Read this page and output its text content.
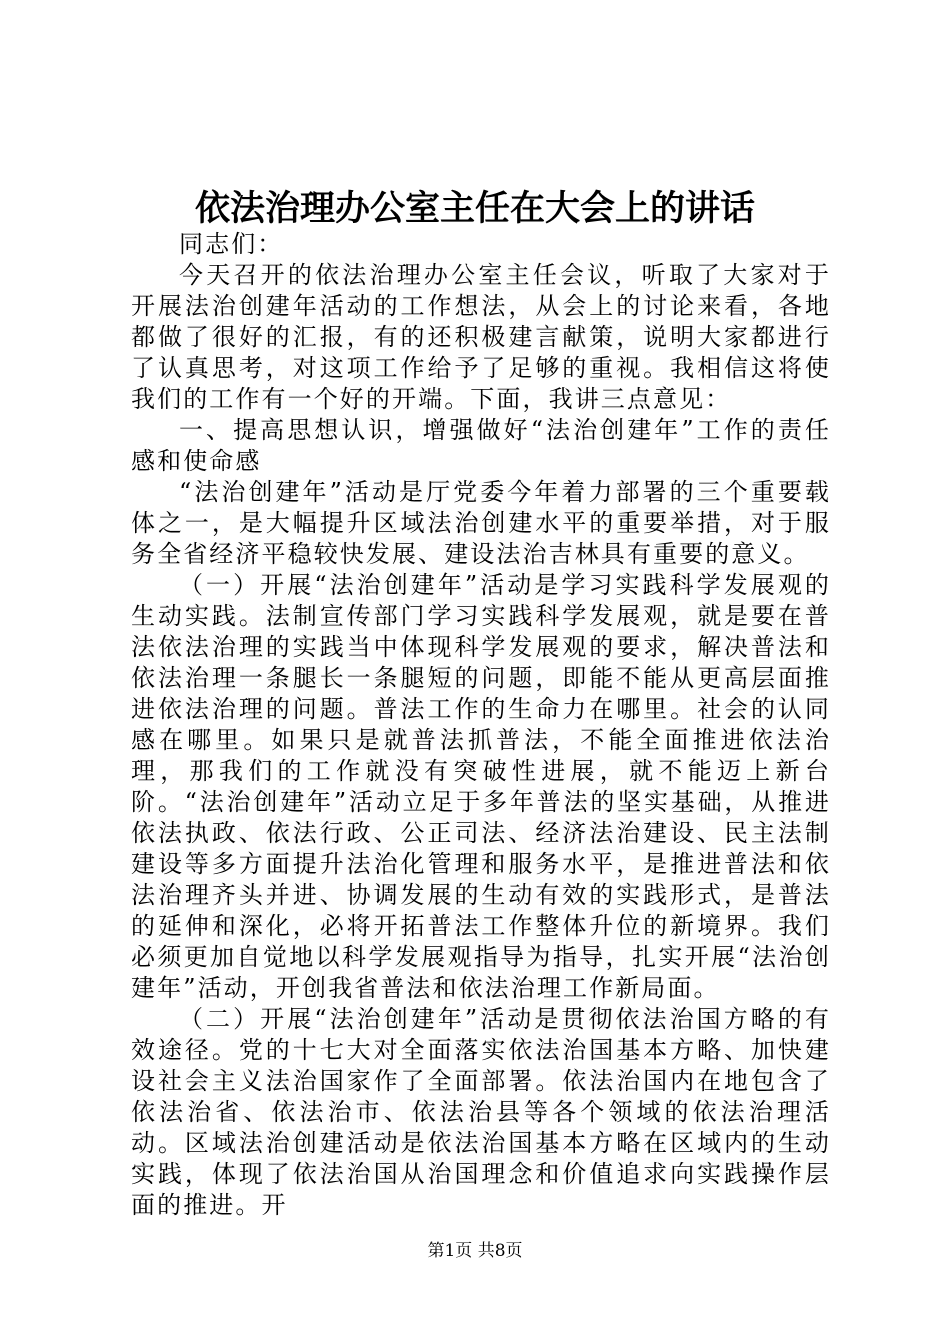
依法治理办公室主任在大会上的讲话

同志们：

今天召开的依法治理办公室主任会议，听取了大家对于开展法治创建年活动的工作想法，从会上的讨论来看，各地都做了很好的汇报，有的还积极建言献策，说明大家都进行了认真思考，对这项工作给予了足够的重视。我相信这将使我们的工作有一个好的开端。下面，我讲三点意见：

一、提高思想认识，增强做好“法治创建年”工作的责任感和使命感

“法治创建年”活动是厅党委今年着力部署的三个重要载体之一，是大幅提升区域法治创建水平的重要举措，对于服务全省经济平稳较快发展、建设法治吉林具有重要的意义。

（一）开展“法治创建年”活动是学习实践科学发展观的生动实践。法制宣传部门学习实践科学发展观，就是要在普法依法治理的实践当中体现科学发展观的要求，解决普法和依法治理一条腿长一条腿短的问题，即能不能从更高层面推进依法治理的问题。普法工作的生命力在哪里。社会的认同感在哪里。如果只是就普法抓普法，不能全面推进依法治理，那我们的工作就没有突破性进展，就不能迈上新台阶。“法治创建年”活动立足于多年普法的坚实基础，从推进依法执政、依法行政、公正司法、经济法治建设、民主法制建设等多方面提升法治化管理和服务水平，是推进普法和依法治理齐头并进、协调发展的生动有效的实践形式，是普法的延伸和深化，必将开拓普法工作整体升位的新境界。我们必须更加自觉地以科学发展观指导为指导，扎实开展“法治创建年”活动，开创我省普法和依法治理工作新局面。

（二）开展“法治创建年”活动是贯彻依法治国方略的有效途径。党的十七大对全面落实依法治国基本方略、加快建设社会主义法治国家作了全面部署。依法治国内在地包含了依法治省、依法治市、依法治县等各个领域的依法治理活动。区域法治创建活动是依法治国基本方略在区域内的生动实践，体现了依法治国从治国理念和价值追求向实践操作层面的推进。开

第1页 共8页
